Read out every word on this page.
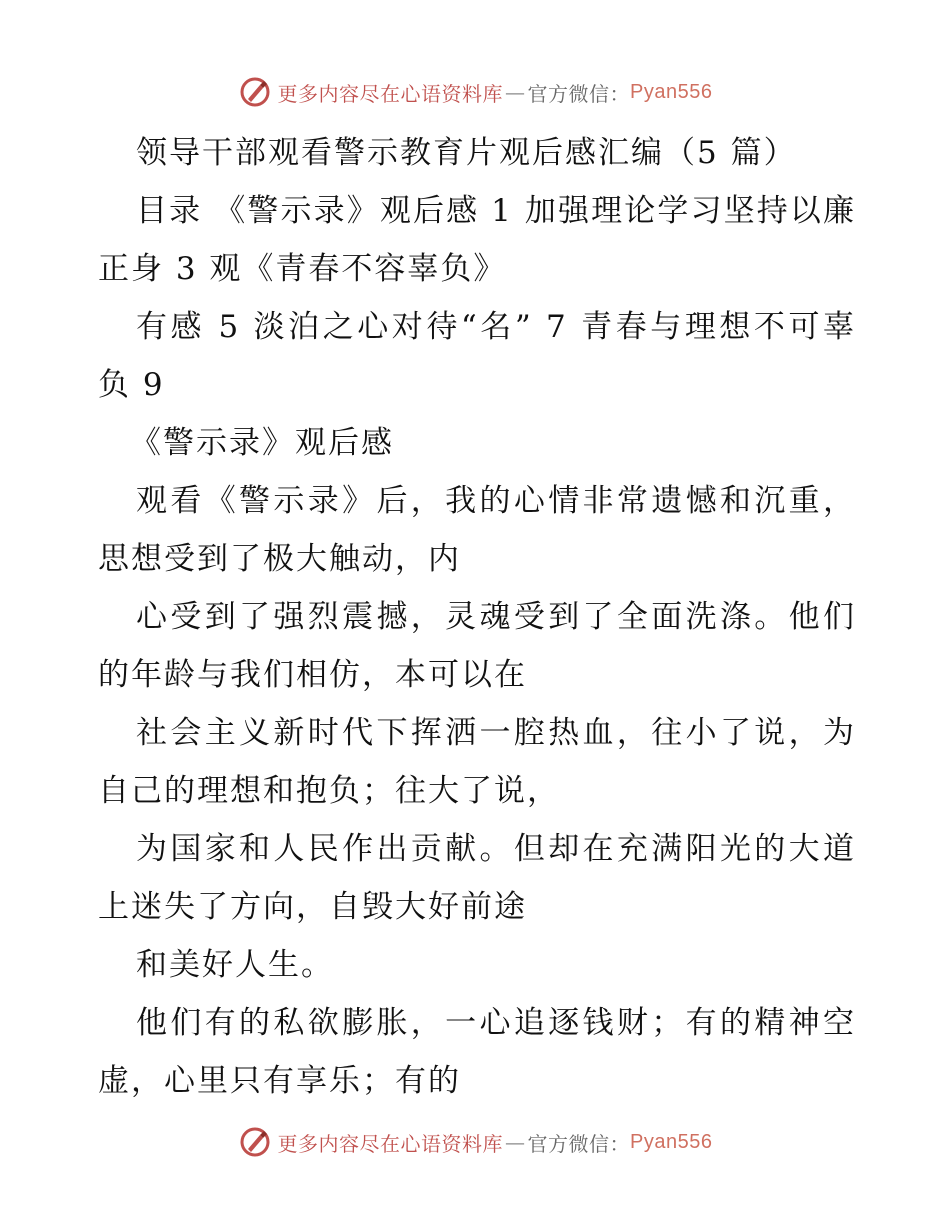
更多内容尽在心语资料库 — 官方微信： Pyan556

领导干部观看警示教育片观后感汇编（5 篇）

目录 《警示录》观后感 1 加强理论学习坚持以廉正身 3 观《青春不容辜负》

有感 5 淡泊之心对待“名” 7 青春与理想不可辜负 9

《警示录》观后感

观看《警示录》后，我的心情非常遗憾和沉重，思想受到了极大触动，内

心受到了强烈震撼，灵魂受到了全面洗涤。他们的年龄与我们相仿，本可以在

社会主义新时代下挥洒一腔热血，往小了说，为自己的理想和抱负；往大了说，

为国家和人民作出贡献。但却在充满阳光的大道上迷失了方向，自毁大好前途

和美好人生。

他们有的私欲膨胀，一心追逐钱财；有的精神空虚，心里只有享乐；有的

更多内容尽在心语资料库 — 官方微信： Pyan556
